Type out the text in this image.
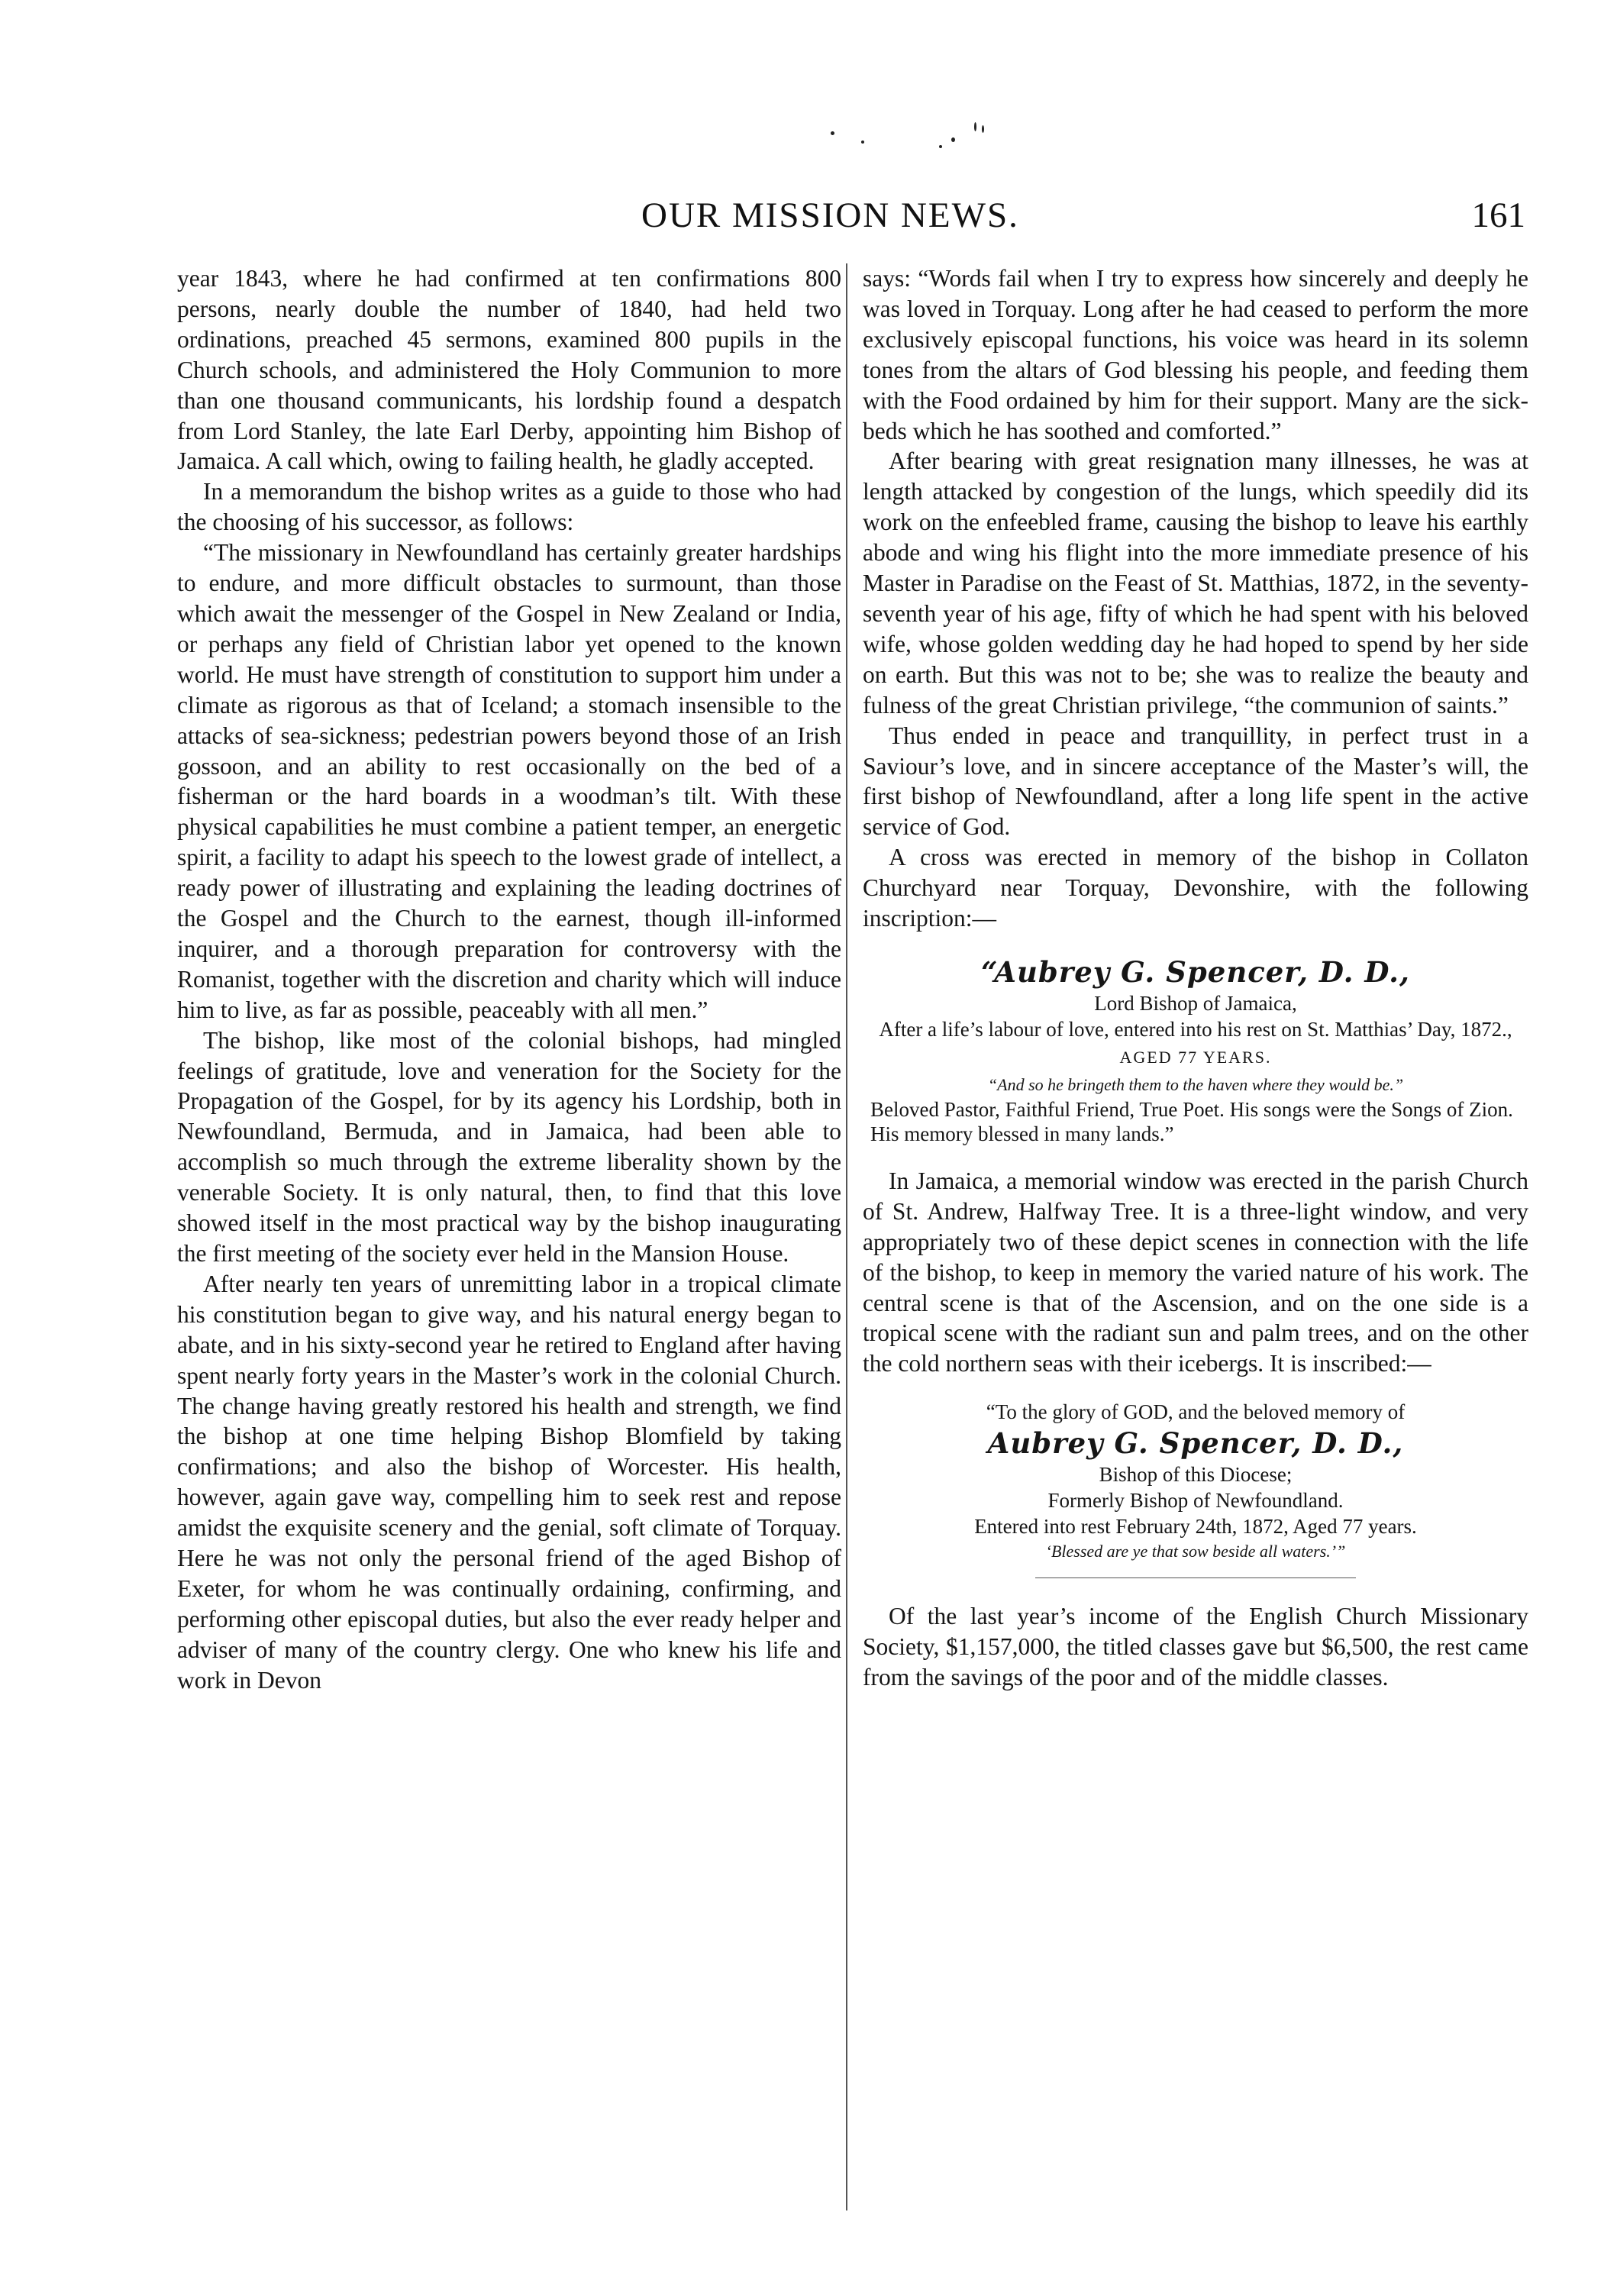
OUR MISSION NEWS.	161

year 1843, where he had confirmed at ten confirmations 800 persons, nearly double the number of 1840, had held two ordinations, preached 45 sermons, examined 800 pupils in the Church schools, and administered the Holy Communion to more than one thousand communicants, his lordship found a despatch from Lord Stanley, the late Earl Derby, appointing him Bishop of Jamaica. A call which, owing to failing health, he gladly accepted.

In a memorandum the bishop writes as a guide to those who had the choosing of his successor, as follows:

“The missionary in Newfoundland has certainly greater hardships to endure, and more difficult obstacles to surmount, than those which await the messenger of the Gospel in New Zealand or India, or perhaps any field of Christian labor yet opened to the known world. He must have strength of constitution to support him under a climate as rigorous as that of Iceland; a stomach insensible to the attacks of sea-sickness; pedestrian powers beyond those of an Irish gossoon, and an ability to rest occasionally on the bed of a fisherman or the hard boards in a woodman’s tilt. With these physical capabilities he must combine a patient temper, an energetic spirit, a facility to adapt his speech to the lowest grade of intellect, a ready power of illustrating and explaining the leading doctrines of the Gospel and the Church to the earnest, though ill-informed inquirer, and a thorough preparation for controversy with the Romanist, together with the discretion and charity which will induce him to live, as far as possible, peaceably with all men.”

The bishop, like most of the colonial bishops, had mingled feelings of gratitude, love and veneration for the Society for the Propagation of the Gospel, for by its agency his Lordship, both in Newfoundland, Bermuda, and in Jamaica, had been able to accomplish so much through the extreme liberality shown by the venerable Society. It is only natural, then, to find that this love showed itself in the most practical way by the bishop inaugurating the first meeting of the society ever held in the Mansion House.

After nearly ten years of unremitting labor in a tropical climate his constitution began to give way, and his natural energy began to abate, and in his sixty-second year he retired to England after having spent nearly forty years in the Master’s work in the colonial Church. The change having greatly restored his health and strength, we find the bishop at one time helping Bishop Blomfield by taking confirmations; and also the bishop of Worcester. His health, however, again gave way, compelling him to seek rest and repose amidst the exquisite scenery and the genial, soft climate of Torquay. Here he was not only the personal friend of the aged Bishop of Exeter, for whom he was continually ordaining, confirming, and performing other episcopal duties, but also the ever ready helper and adviser of many of the country clergy. One who knew his life and work in Devon

says: “Words fail when I try to express how sincerely and deeply he was loved in Torquay. Long after he had ceased to perform the more exclusively episcopal functions, his voice was heard in its solemn tones from the altars of God blessing his people, and feeding them with the Food ordained by him for their support. Many are the sick-beds which he has soothed and comforted.”

After bearing with great resignation many illnesses, he was at length attacked by congestion of the lungs, which speedily did its work on the enfeebled frame, causing the bishop to leave his earthly abode and wing his flight into the more immediate presence of his Master in Paradise on the Feast of St. Matthias, 1872, in the seventy-seventh year of his age, fifty of which he had spent with his beloved wife, whose golden wedding day he had hoped to spend by her side on earth. But this was not to be; she was to realize the beauty and fulness of the great Christian privilege, “the communion of saints.”

Thus ended in peace and tranquillity, in perfect trust in a Saviour’s love, and in sincere acceptance of the Master’s will, the first bishop of Newfoundland, after a long life spent in the active service of God.

A cross was erected in memory of the bishop in Collaton Churchyard near Torquay, Devonshire, with the following inscription:—

“Aubrey G. Spencer, D. D.,

Lord Bishop of Jamaica,

After a life’s labour of love, entered into his rest on St. Matthias’ Day, 1872.,

AGED 77 YEARS.
“And so he bringeth them to the haven where they would be.”

Beloved Pastor, Faithful Friend, True Poet. His songs were the Songs of Zion. His memory blessed in many lands.”

In Jamaica, a memorial window was erected in the parish Church of St. Andrew, Halfway Tree. It is a three-light window, and very appropriately two of these depict scenes in connection with the life of the bishop, to keep in memory the varied nature of his work. The central scene is that of the Ascension, and on the one side is a tropical scene with the radiant sun and palm trees, and on the other the cold northern seas with their icebergs. It is inscribed:—

“To the glory of GOD, and the beloved memory of

Aubrey G. Spencer, D. D.,

Bishop of this Diocese;

Formerly Bishop of Newfoundland.

Entered into rest February 24th, 1872, Aged 77 years.

‘Blessed are ye that sow beside all waters.’”

Of the last year’s income of the English Church Missionary Society, $1,157,000, the titled classes gave but $6,500, the rest came from the savings of the poor and of the middle classes.
